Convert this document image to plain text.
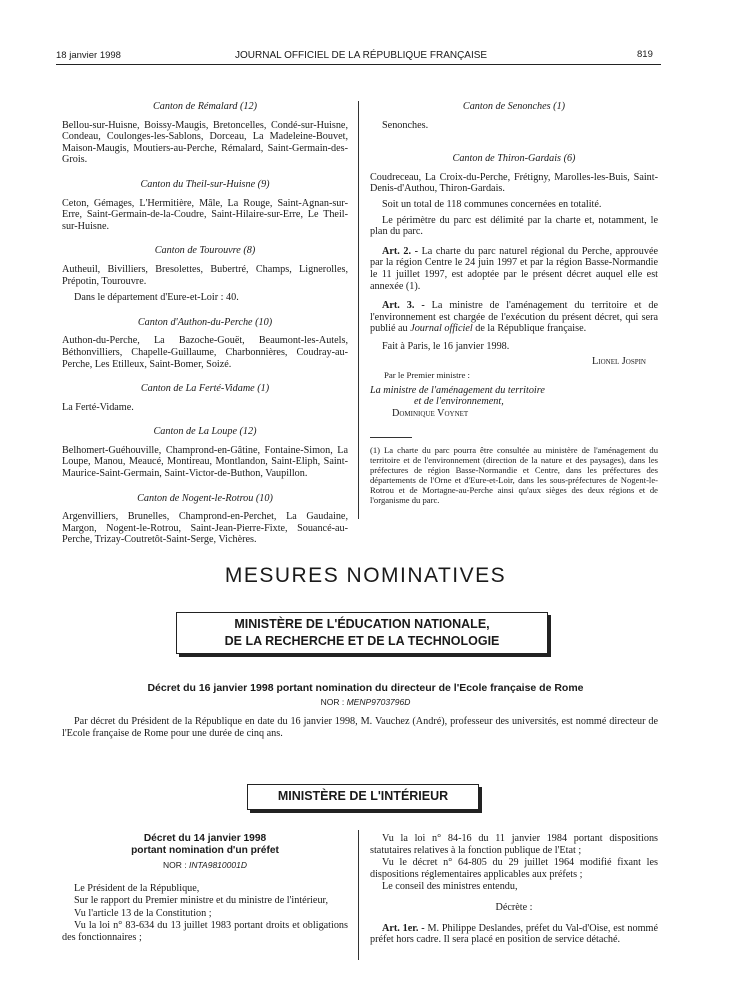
18 janvier 1998	JOURNAL OFFICIEL DE LA RÉPUBLIQUE FRANÇAISE	819

Canton de Rémalard (12)

Bellou-sur-Huisne, Boissy-Maugis, Bretoncelles, Condé-sur-Huisne, Condeau, Coulonges-les-Sablons, Dorceau, La Madeleine-Bouvet, Maison-Maugis, Moutiers-au-Perche, Rémalard, Saint-Germain-des-Grois.

Canton du Theil-sur-Huisne (9)

Ceton, Gémages, L'Hermitière, Mâle, La Rouge, Saint-Agnan-sur-Erre, Saint-Germain-de-la-Coudre, Saint-Hilaire-sur-Erre, Le Theil-sur-Huisne.

Canton de Tourouvre (8)

Autheuil, Bivilliers, Bresolettes, Bubertré, Champs, Lignerolles, Prépotin, Tourouvre.

Dans le département d'Eure-et-Loir : 40.

Canton d'Authon-du-Perche (10)

Authon-du-Perche, La Bazoche-Gouët, Beaumont-les-Autels, Béthonvilliers, Chapelle-Guillaume, Charbonnières, Coudray-au-Perche, Les Etilleux, Saint-Bomer, Soizé.

Canton de La Ferté-Vidame (1)

La Ferté-Vidame.

Canton de La Loupe (12)

Belhomert-Guéhouville, Champrond-en-Gâtine, Fontaine-Simon, La Loupe, Manou, Meaucé, Montireau, Montlandon, Saint-Eliph, Saint-Maurice-Saint-Germain, Saint-Victor-de-Buthon, Vaupillon.

Canton de Nogent-le-Rotrou (10)

Argenvilliers, Brunelles, Champrond-en-Perchet, La Gaudaine, Margon, Nogent-le-Rotrou, Saint-Jean-Pierre-Fixte, Souancé-au-Perche, Trizay-Coutretôt-Saint-Serge, Vichères.

Canton de Senonches (1)

Senonches.

Canton de Thiron-Gardais (6)

Coudreceau, La Croix-du-Perche, Frétigny, Marolles-les-Buis, Saint-Denis-d'Authou, Thiron-Gardais.

Soit un total de 118 communes concernées en totalité.

Le périmètre du parc est délimité par la charte et, notamment, le plan du parc.

Art. 2. - La charte du parc naturel régional du Perche, approuvée par la région Centre le 24 juin 1997 et par la région Basse-Normandie le 11 juillet 1997, est adoptée par le présent décret auquel elle est annexée (1).

Art. 3. - La ministre de l'aménagement du territoire et de l'environnement est chargée de l'exécution du présent décret, qui sera publié au Journal officiel de la République française.

Fait à Paris, le 16 janvier 1998.

Lionel Jospin

Par le Premier ministre :

La ministre de l'aménagement du territoire

et de l'environnement,

Dominique Voynet

(1) La charte du parc pourra être consultée au ministère de l'aménagement du territoire et de l'environnement (direction de la nature et des paysages), dans les préfectures de région Basse-Normandie et Centre, dans les préfectures des départements de l'Orne et d'Eure-et-Loir, dans les sous-préfectures de Nogent-le-Rotrou et de Mortagne-au-Perche ainsi qu'aux sièges des deux régions et de l'organisme du parc.
MESURES NOMINATIVES
MINISTÈRE DE L'ÉDUCATION NATIONALE,
DE LA RECHERCHE ET DE LA TECHNOLOGIE
Décret du 16 janvier 1998 portant nomination du directeur de l'Ecole française de Rome
NOR : MENP9703796D
Par décret du Président de la République en date du 16 janvier 1998, M. Vauchez (André), professeur des universités, est nommé directeur de l'Ecole française de Rome pour une durée de cinq ans.
MINISTÈRE DE L'INTÉRIEUR

Décret du 14 janvier 1998

portant nomination d'un préfet

NOR : INTA9810001D

Le Président de la République,

Sur le rapport du Premier ministre et du ministre de l'intérieur,

Vu l'article 13 de la Constitution ;

Vu la loi n° 83-634 du 13 juillet 1983 portant droits et obligations des fonctionnaires ;

Vu la loi n° 84-16 du 11 janvier 1984 portant dispositions statutaires relatives à la fonction publique de l'Etat ;

Vu le décret n° 64-805 du 29 juillet 1964 modifié fixant les dispositions réglementaires applicables aux préfets ;

Le conseil des ministres entendu,

Décrète :

Art. 1er. - M. Philippe Deslandes, préfet du Val-d'Oise, est nommé préfet hors cadre. Il sera placé en position de service détaché.
